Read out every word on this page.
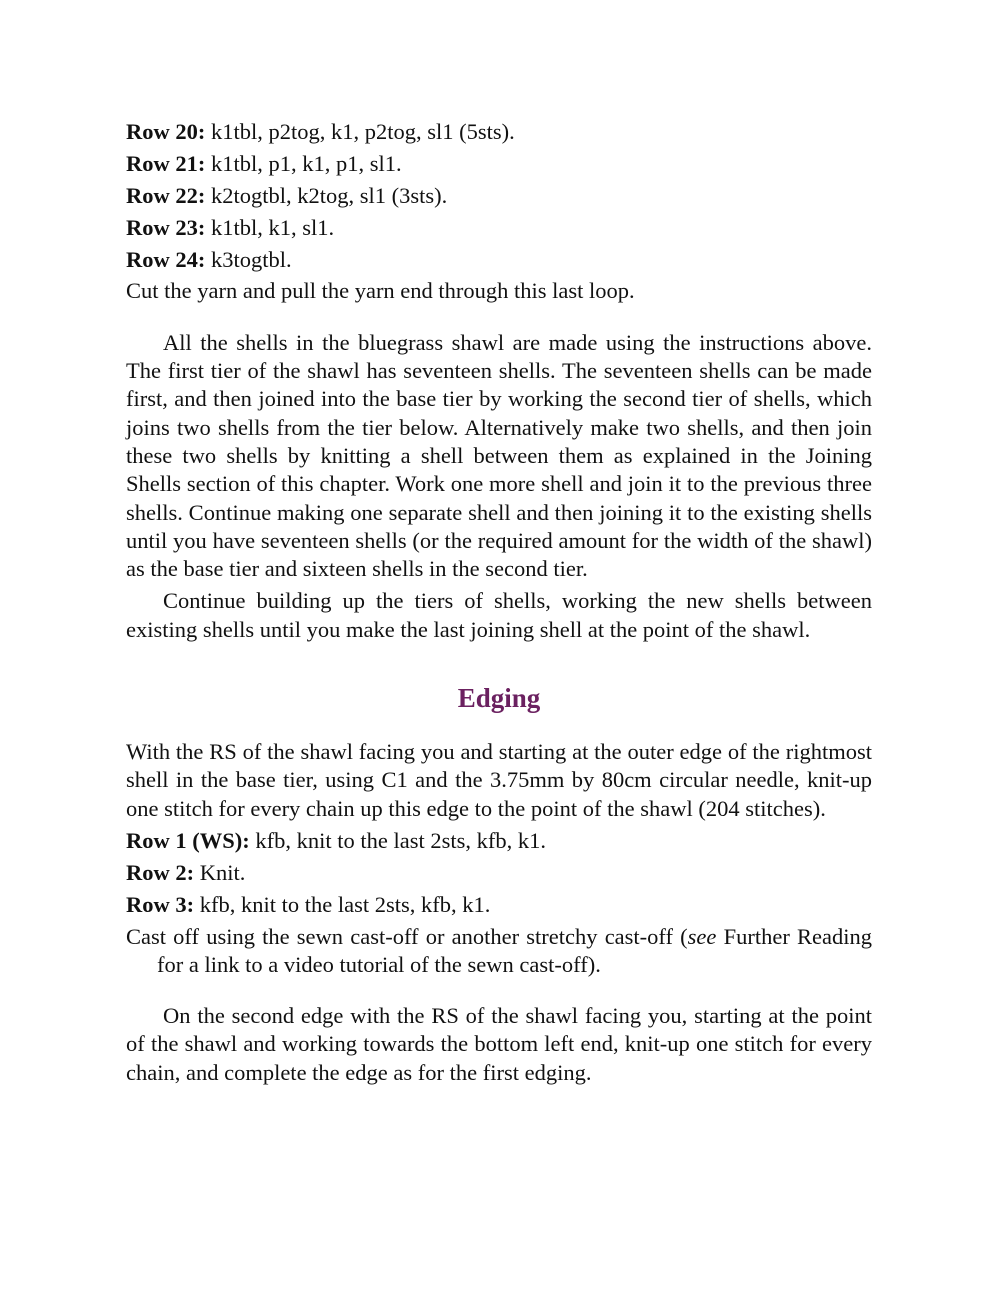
Row 20: k1tbl, p2tog, k1, p2tog, sl1 (5sts).

Row 21: k1tbl, p1, k1, p1, sl1.

Row 22: k2togtbl, k2tog, sl1 (3sts).

Row 23: k1tbl, k1, sl1.

Row 24: k3togtbl.

Cut the yarn and pull the yarn end through this last loop.

All the shells in the bluegrass shawl are made using the instructions above. The first tier of the shawl has seventeen shells. The seventeen shells can be made first, and then joined into the base tier by working the second tier of shells, which joins two shells from the tier below. Alternatively make two shells, and then join these two shells by knitting a shell between them as explained in the Joining Shells section of this chapter. Work one more shell and join it to the previous three shells. Continue making one separate shell and then joining it to the existing shells until you have seventeen shells (or the required amount for the width of the shawl) as the base tier and sixteen shells in the second tier.

Continue building up the tiers of shells, working the new shells between existing shells until you make the last joining shell at the point of the shawl.

Edging

With the RS of the shawl facing you and starting at the outer edge of the rightmost shell in the base tier, using C1 and the 3.75mm by 80cm circular needle, knit-up one stitch for every chain up this edge to the point of the shawl (204 stitches).

Row 1 (WS): kfb, knit to the last 2sts, kfb, k1.

Row 2: Knit.

Row 3: kfb, knit to the last 2sts, kfb, k1.

Cast off using the sewn cast-off or another stretchy cast-off (see Further Reading for a link to a video tutorial of the sewn cast-off).

On the second edge with the RS of the shawl facing you, starting at the point of the shawl and working towards the bottom left end, knit-up one stitch for every chain, and complete the edge as for the first edging.
